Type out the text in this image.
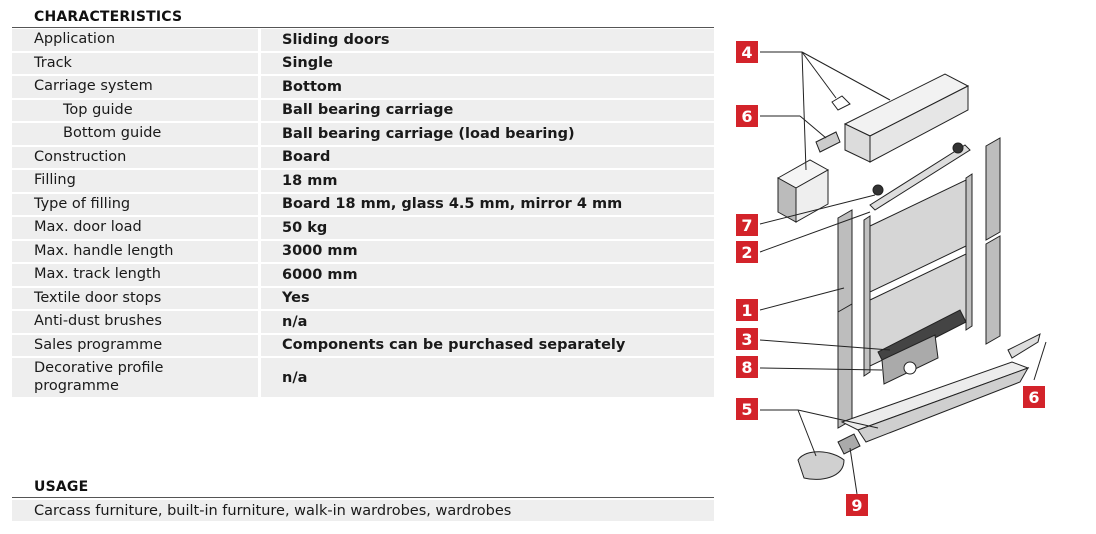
CHARACTERISTICS
Application	Sliding doors
Track	Single
Carriage system	Bottom
Top guide	Ball bearing carriage
Bottom guide	Ball bearing carriage (load bearing)
Construction	Board
Filling	18 mm
Type of filling	Board 18 mm, glass 4.5 mm, mirror 4 mm
Max. door load	50 kg
Max. handle length	3000 mm
Max. track length	6000 mm
Textile door stops	Yes
Anti-dust brushes	n/a
Sales programme	Components can be purchased separately
Decorative profile programme	n/a
USAGE
Carcass furniture, built-in furniture, walk-in wardrobes, wardrobes
4
6
7
2
1
3
8
5
6
9
